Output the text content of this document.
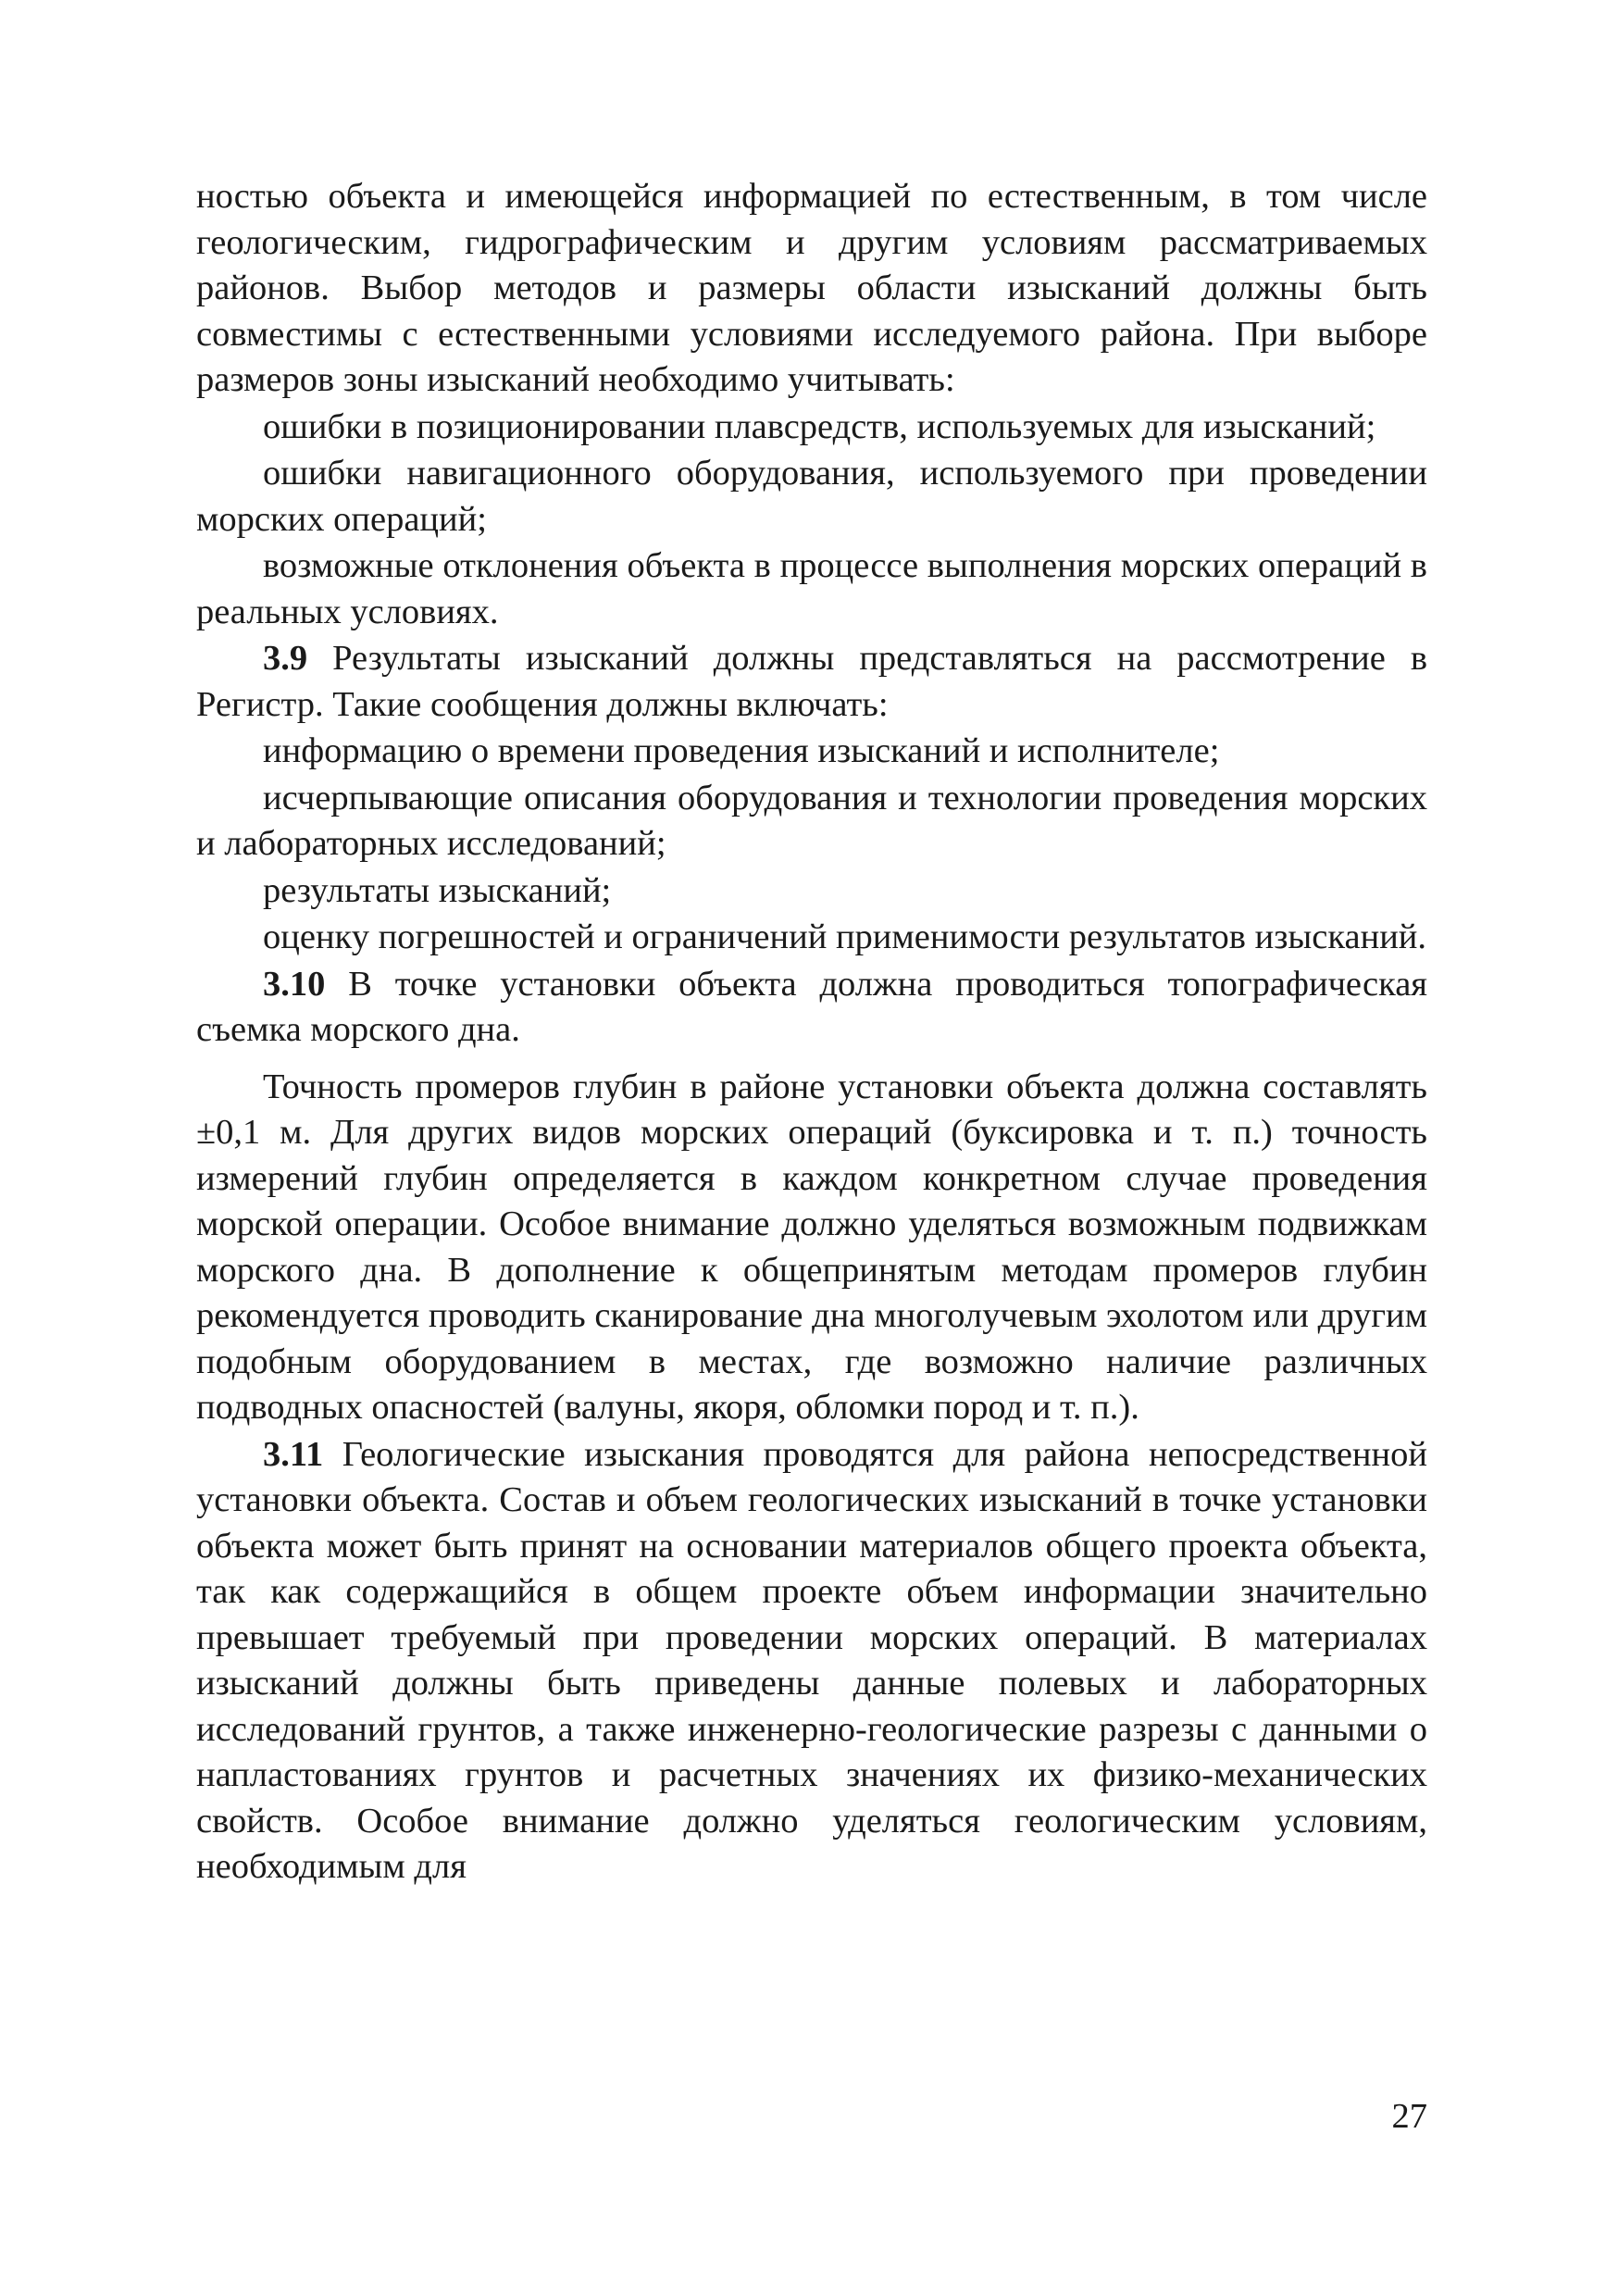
ностью объекта и имеющейся информацией по естественным, в том числе геологическим, гидрографическим и другим условиям рассматриваемых районов. Выбор методов и размеры области изысканий должны быть совместимы с естественными условиями исследуемого района. При выборе размеров зоны изысканий необходимо учитывать:

ошибки в позиционировании плавсредств, используемых для изысканий;

ошибки навигационного оборудования, используемого при проведении морских операций;

возможные отклонения объекта в процессе выполнения морских операций в реальных условиях.

3.9 Результаты изысканий должны представляться на рассмотрение в Регистр. Такие сообщения должны включать:

информацию о времени проведения изысканий и исполнителе;

исчерпывающие описания оборудования и технологии проведения морских и лабораторных исследований;

результаты изысканий;

оценку погрешностей и ограничений применимости результатов изысканий.

3.10 В точке установки объекта должна проводиться топографическая съемка морского дна.

Точность промеров глубин в районе установки объекта должна составлять ±0,1 м. Для других видов морских операций (буксировка и т. п.) точность измерений глубин определяется в каждом конкретном случае проведения морской операции. Особое внимание должно уделяться возможным подвижкам морского дна. В дополнение к общепринятым методам промеров глубин рекомендуется проводить сканирование дна многолучевым эхолотом или другим подобным оборудованием в местах, где возможно наличие различных подводных опасностей (валуны, якоря, обломки пород и т. п.).

3.11 Геологические изыскания проводятся для района непосредственной установки объекта. Состав и объем геологических изысканий в точке установки объекта может быть принят на основании материалов общего проекта объекта, так как содержащийся в общем проекте объем информации значительно превышает требуемый при проведении морских операций. В материалах изысканий должны быть приведены данные полевых и лабораторных исследований грунтов, а также инженерно-геологические разрезы с данными о напластованиях грунтов и расчетных значениях их физико-механических свойств. Особое внимание должно уделяться геологическим условиям, необходимым для

27
